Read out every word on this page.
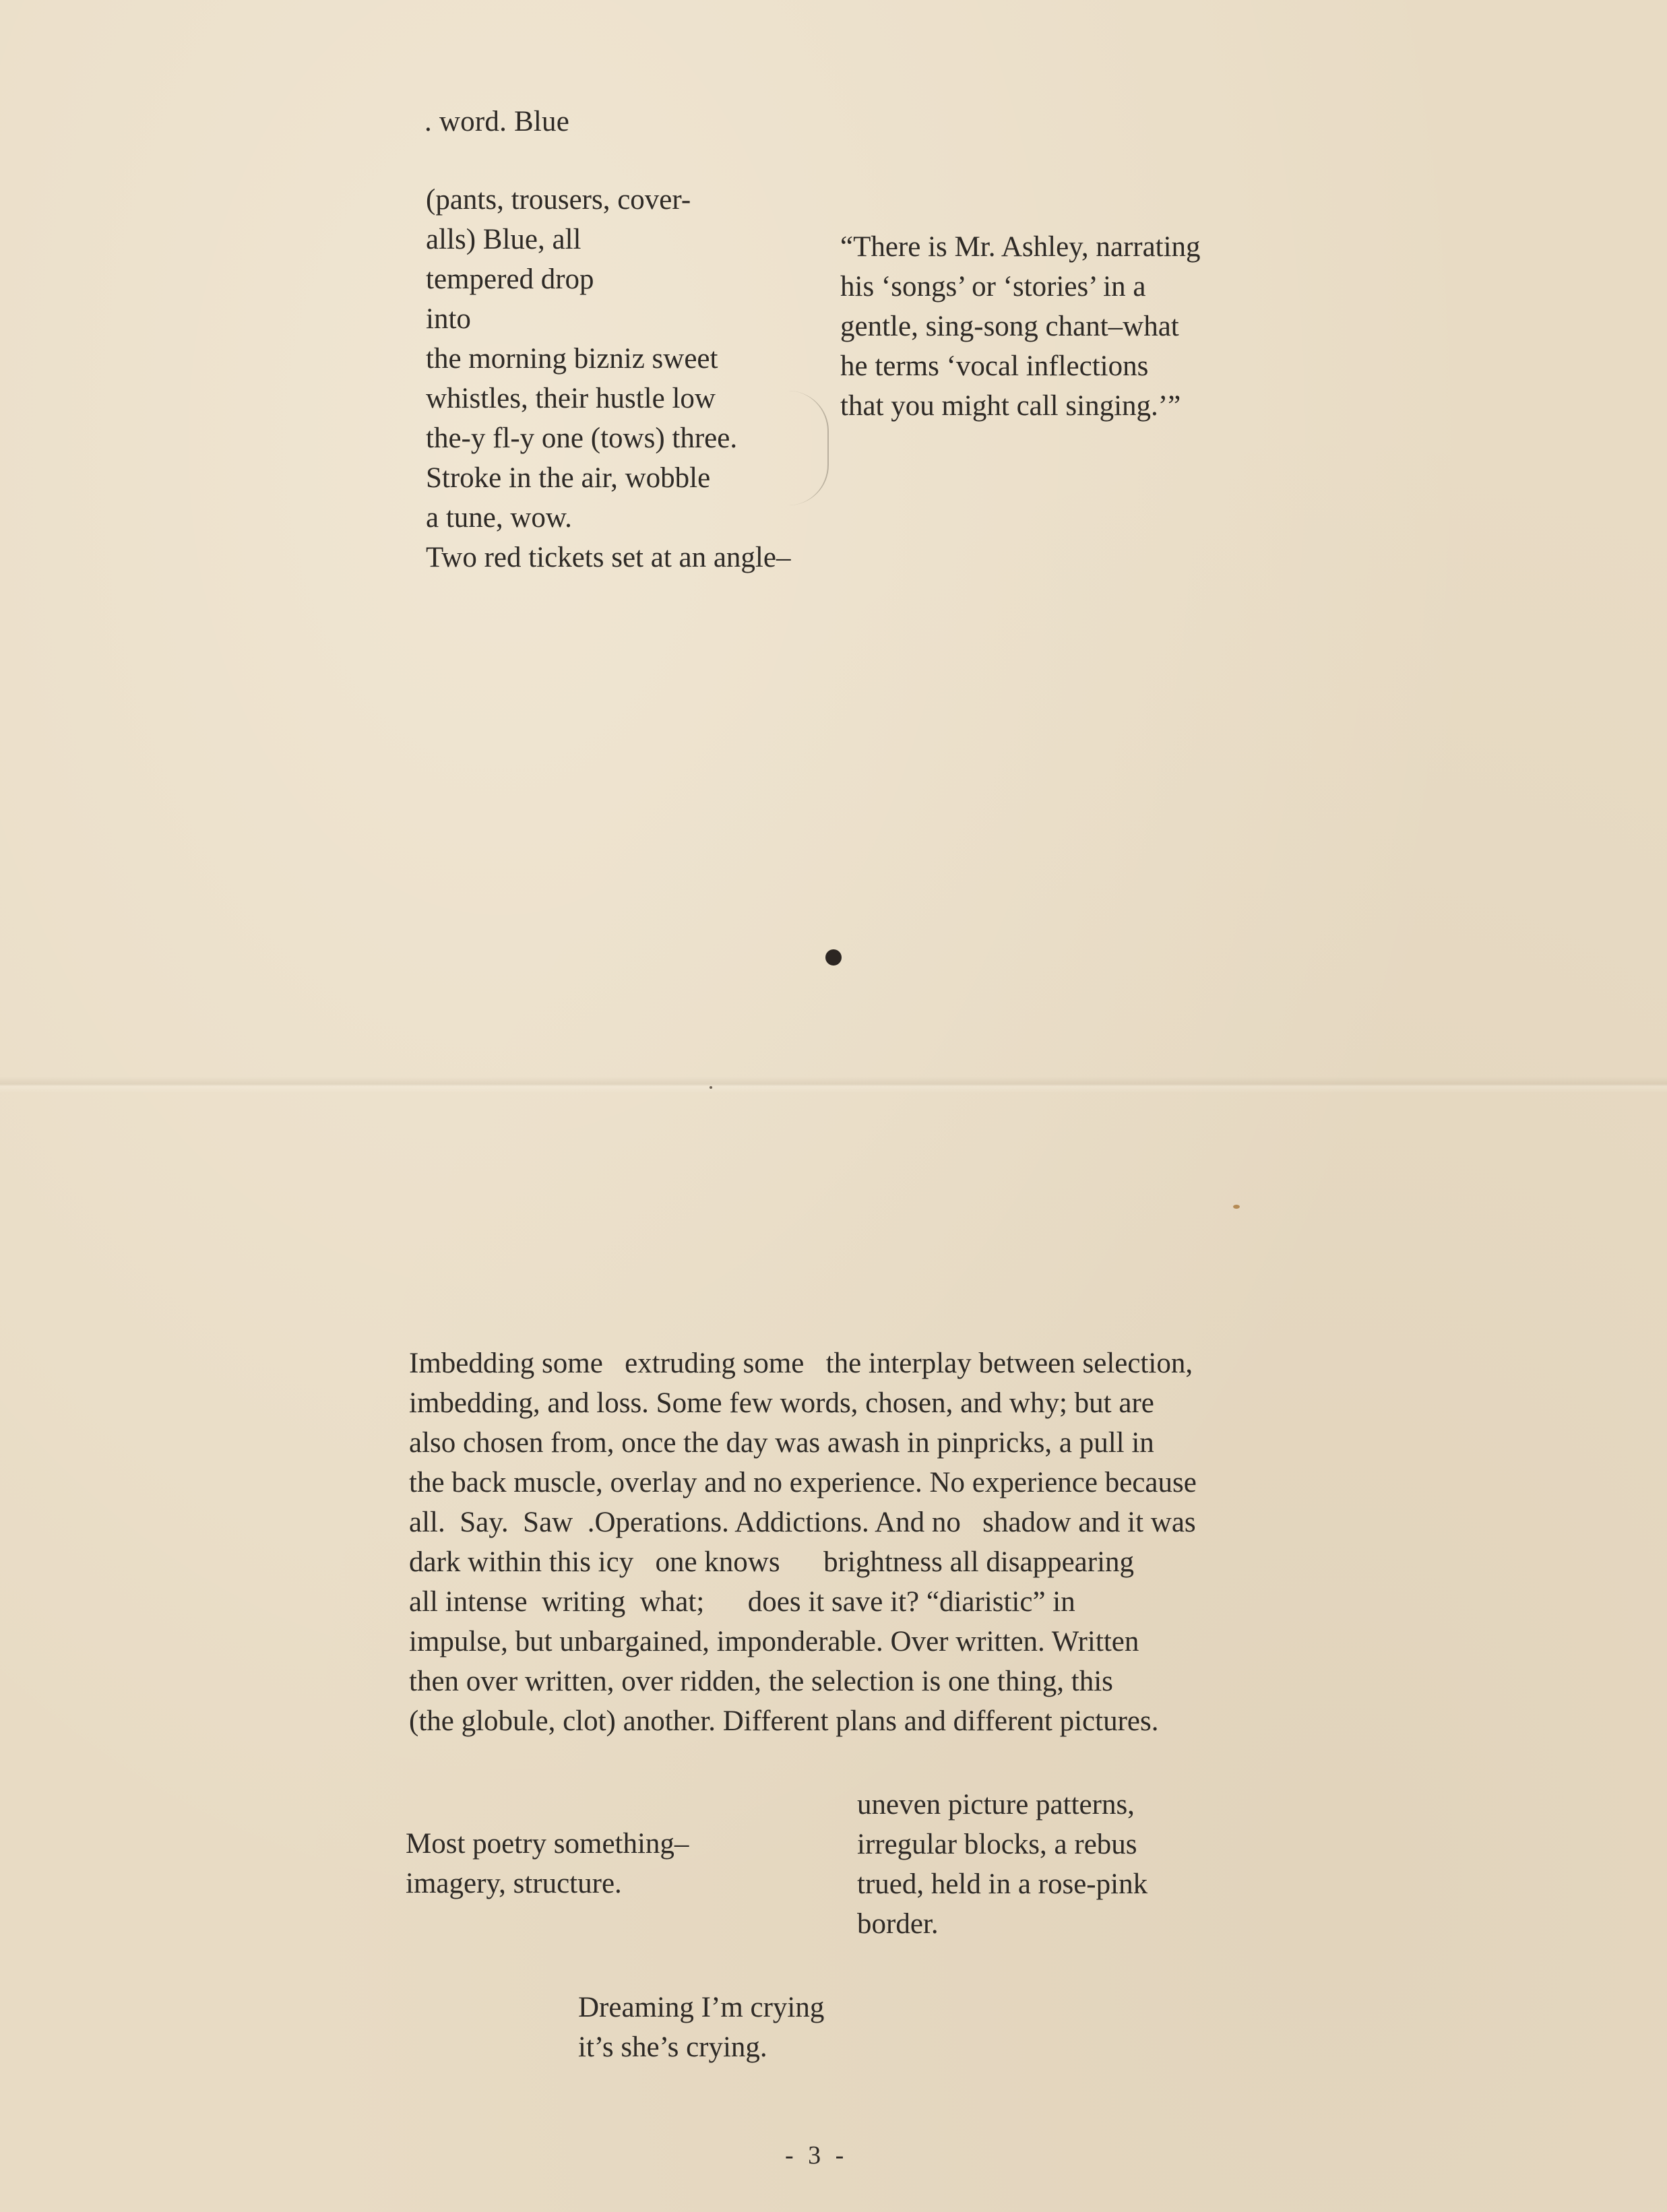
. word. Blue
(pants, trousers, cover-
alls) Blue, all
tempered drop
into
the morning bizniz sweet
whistles, their hustle low
the-y fl-y one (tows) three.
Stroke in the air, wobble
a tune, wow.
Two red tickets set at an angle–
“There is Mr. Ashley, narrating
his ‘songs’ or ‘stories’ in a
gentle, sing-song chant–what
he terms ‘vocal inflections
that you might call singing.’”
Imbedding some   extruding some   the interplay between selection,
imbedding, and loss. Some few words, chosen, and why; but are
also chosen from, once the day was awash in pinpricks, a pull in
the back muscle, overlay and no experience. No experience because
all.  Say.  Saw  .Operations. Addictions. And no   shadow and it was
dark within this icy   one knows      brightness all disappearing
all intense  writing  what;      does it save it? “diaristic” in
impulse, but unbargained, imponderable. Over written. Written
then over written, over ridden, the selection is one thing, this
(the globule, clot) another. Different plans and different pictures.
Most poetry something–
imagery, structure.
uneven picture patterns,
irregular blocks, a rebus
trued, held in a rose-pink
border.
Dreaming I’m crying
it’s she’s crying.
- 3 -
